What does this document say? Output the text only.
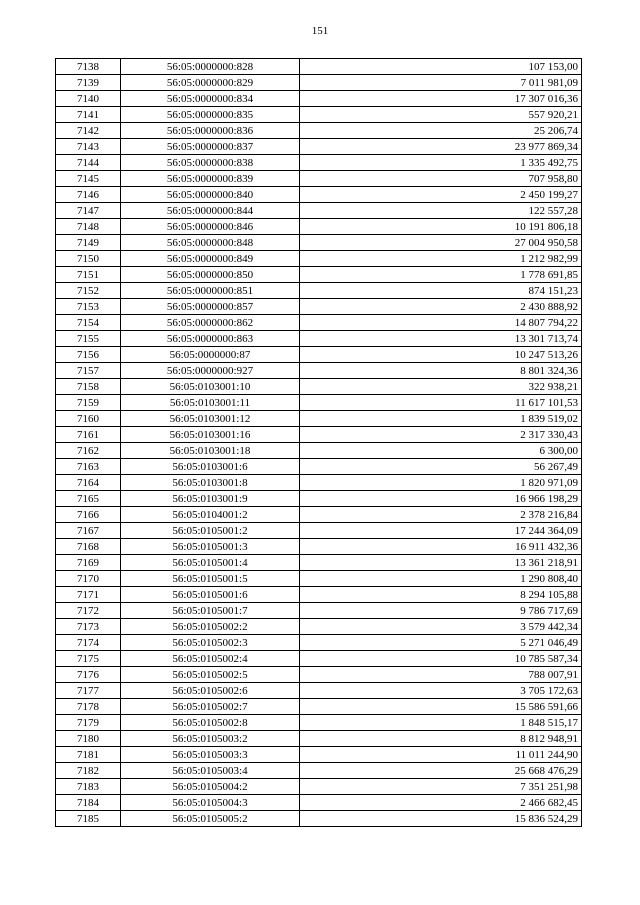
151
7138	56:05:0000000:828	107 153,00
7139	56:05:0000000:829	7 011 981,09
7140	56:05:0000000:834	17 307 016,36
7141	56:05:0000000:835	557 920,21
7142	56:05:0000000:836	25 206,74
7143	56:05:0000000:837	23 977 869,34
7144	56:05:0000000:838	1 335 492,75
7145	56:05:0000000:839	707 958,80
7146	56:05:0000000:840	2 450 199,27
7147	56:05:0000000:844	122 557,28
7148	56:05:0000000:846	10 191 806,18
7149	56:05:0000000:848	27 004 950,58
7150	56:05:0000000:849	1 212 982,99
7151	56:05:0000000:850	1 778 691,85
7152	56:05:0000000:851	874 151,23
7153	56:05:0000000:857	2 430 888,92
7154	56:05:0000000:862	14 807 794,22
7155	56:05:0000000:863	13 301 713,74
7156	56:05:0000000:87	10 247 513,26
7157	56:05:0000000:927	8 801 324,36
7158	56:05:0103001:10	322 938,21
7159	56:05:0103001:11	11 617 101,53
7160	56:05:0103001:12	1 839 519,02
7161	56:05:0103001:16	2 317 330,43
7162	56:05:0103001:18	6 300,00
7163	56:05:0103001:6	56 267,49
7164	56:05:0103001:8	1 820 971,09
7165	56:05:0103001:9	16 966 198,29
7166	56:05:0104001:2	2 378 216,84
7167	56:05:0105001:2	17 244 364,09
7168	56:05:0105001:3	16 911 432,36
7169	56:05:0105001:4	13 361 218,91
7170	56:05:0105001:5	1 290 808,40
7171	56:05:0105001:6	8 294 105,88
7172	56:05:0105001:7	9 786 717,69
7173	56:05:0105002:2	3 579 442,34
7174	56:05:0105002:3	5 271 046,49
7175	56:05:0105002:4	10 785 587,34
7176	56:05:0105002:5	788 007,91
7177	56:05:0105002:6	3 705 172,63
7178	56:05:0105002:7	15 586 591,66
7179	56:05:0105002:8	1 848 515,17
7180	56:05:0105003:2	8 812 948,91
7181	56:05:0105003:3	11 011 244,90
7182	56:05:0105003:4	25 668 476,29
7183	56:05:0105004:2	7 351 251,98
7184	56:05:0105004:3	2 466 682,45
7185	56:05:0105005:2	15 836 524,29
